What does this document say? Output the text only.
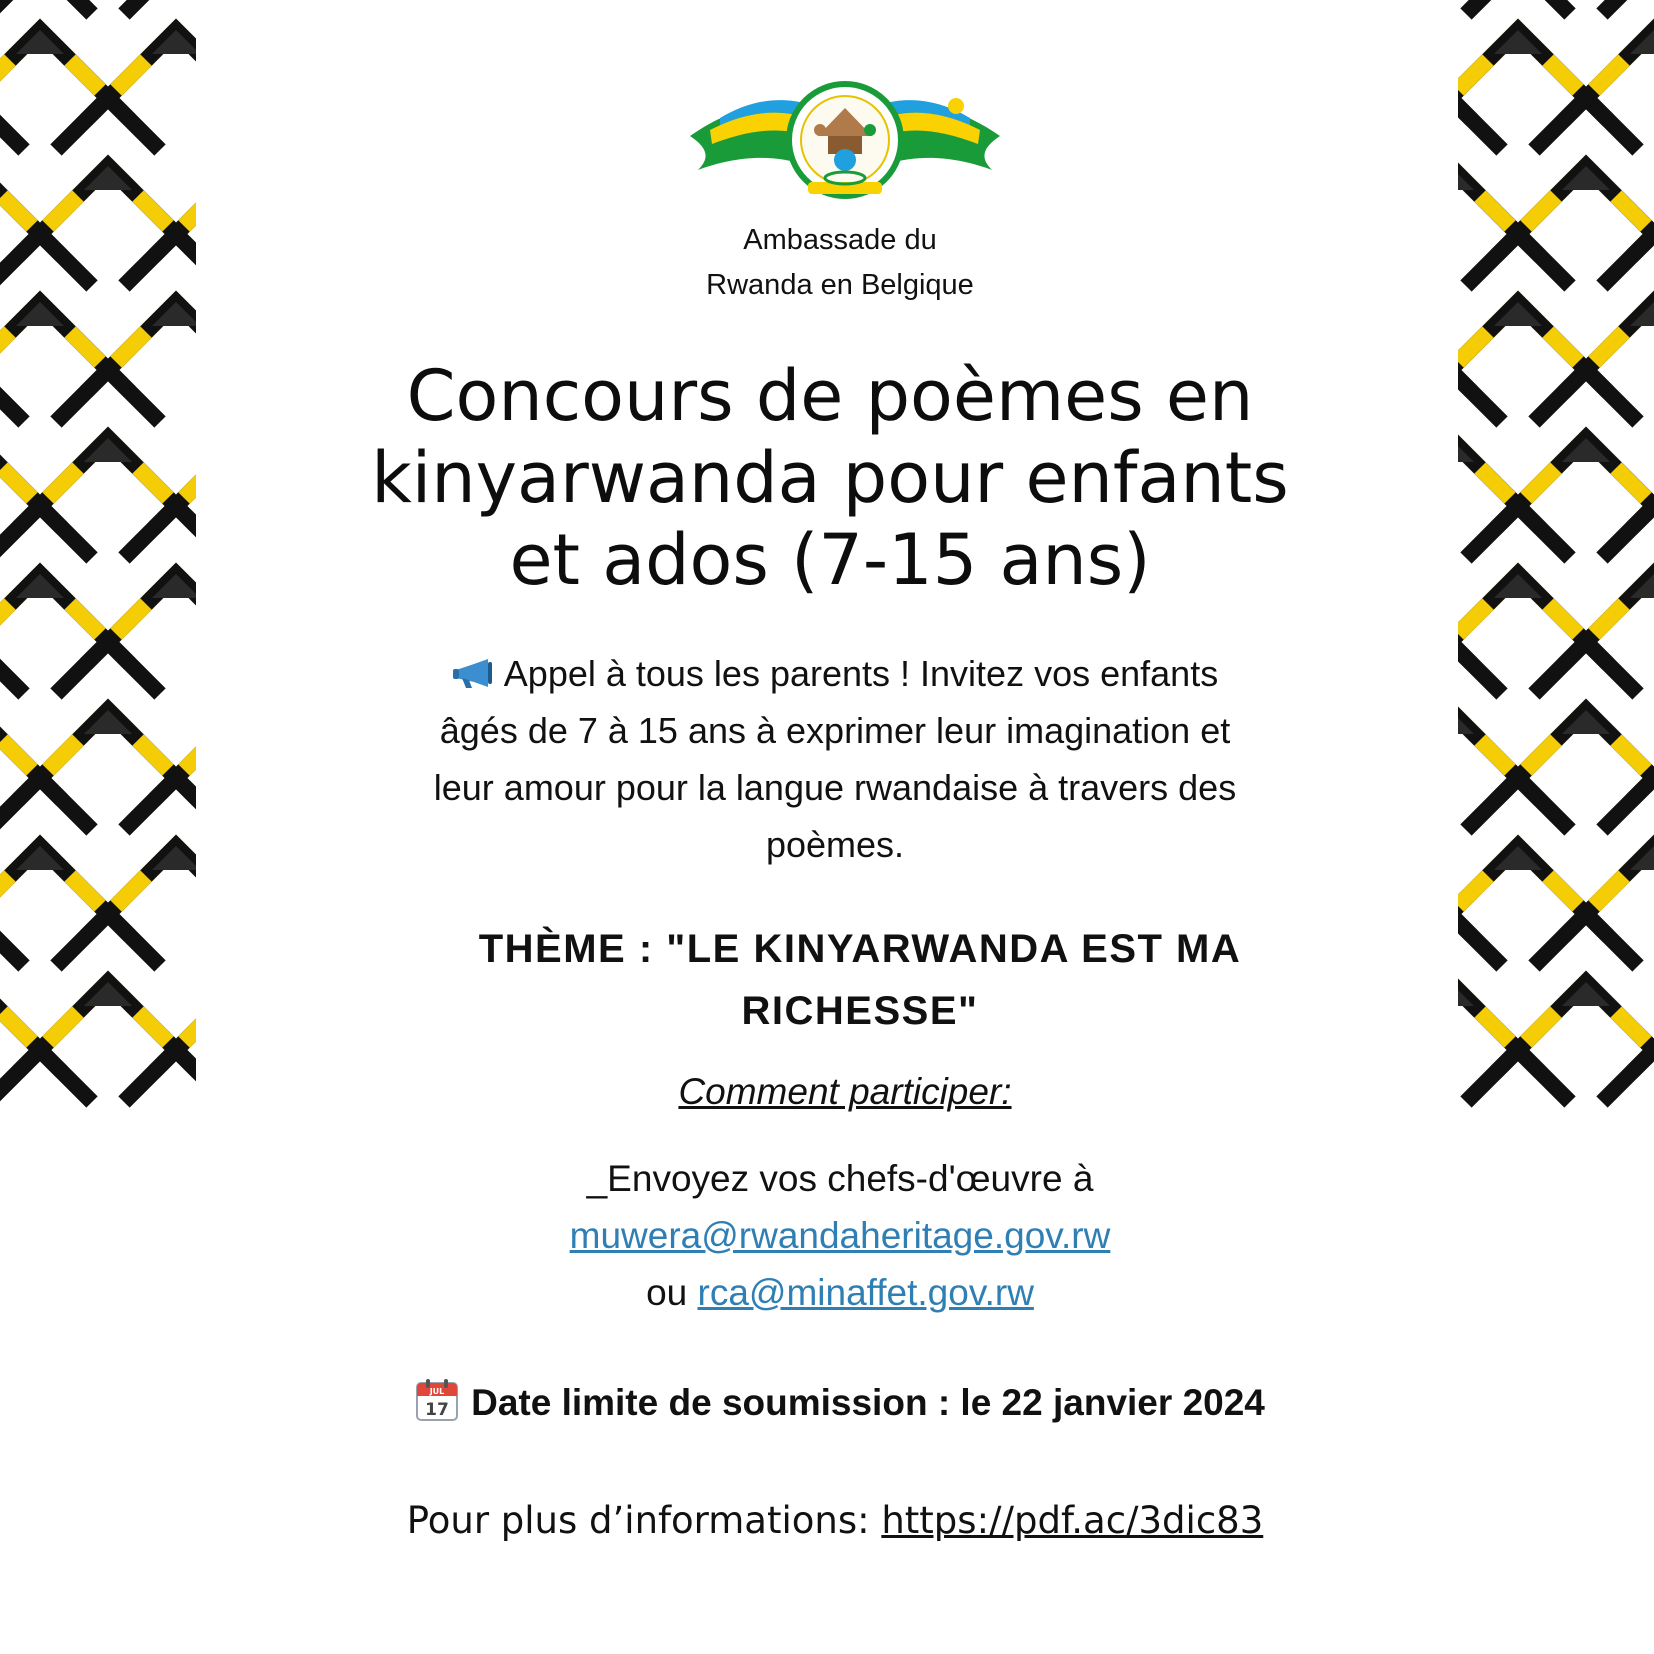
Ambassade du
Rwanda en Belgique
Concours de poèmes en
kinyarwanda pour enfants
et ados (7-15 ans)
Appel à tous les parents ! Invitez vos enfants
âgés de 7 à 15 ans à exprimer leur imagination et
leur amour pour la langue rwandaise à travers des
poèmes.
THÈME : "LE KINYARWANDA EST MA
RICHESSE"
Comment participer:
_Envoyez vos chefs-d'œuvre à
muwera@rwandaheritage.gov.rw
ou rca@minaffet.gov.rw
JUL
17 Date limite de soumission : le 22 janvier 2024
Pour plus d’informations: https://pdf.ac/3dic83
